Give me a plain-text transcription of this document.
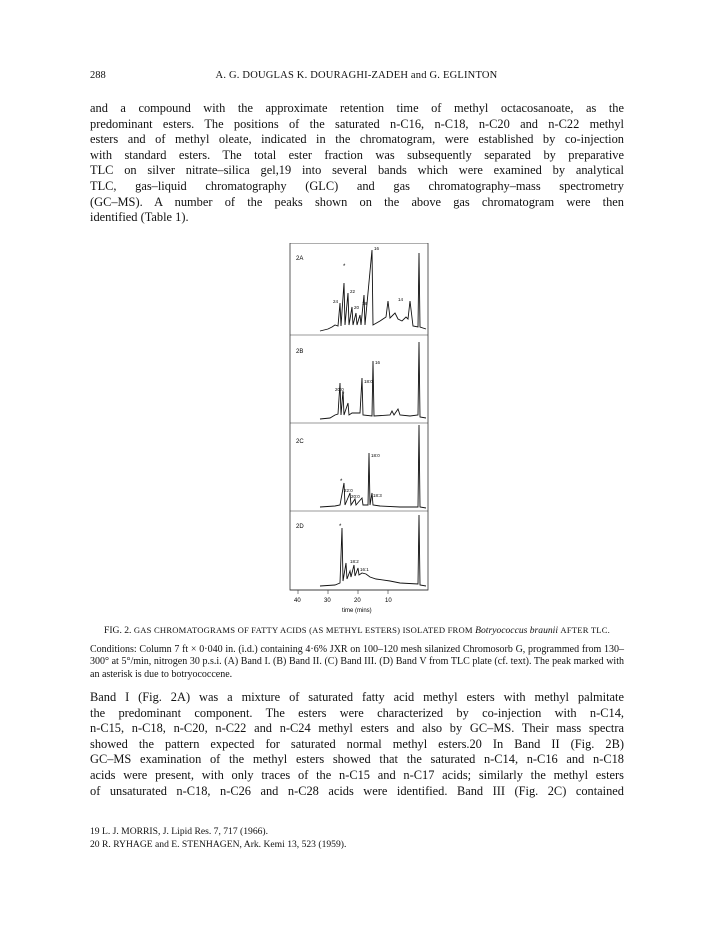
288	A. G. DOUGLAS K. DOURAGHI-ZADEH and G. EGLINTON
and a compound with the approximate retention time of methyl octacosanoate, as the
predominant esters. The positions of the saturated n-C16, n-C18, n-C20 and n-C22 methyl
esters and of methyl oleate, indicated in the chromatogram, were established by co-injection
with standard esters. The total ester fraction was subsequently separated by preparative
TLC on silver nitrate–silica gel,19 into several bands which were examined by analytical
TLC, gas–liquid chromatography (GLC) and gas chromatography–mass spectrometry
(GC–MS). A number of the peaks shown on the above gas chromatogram were then
identified (Table 1).
2A
16
*
22
14
24
20
18
2B
16
18:0
20:0
*
2C
18:0
*
22:0
20:0	18:3
2D	*
18:2
16:1
40	30	20	10
time (mins)
FIG. 2. GAS CHROMATOGRAMS OF FATTY ACIDS (AS METHYL ESTERS) ISOLATED FROM Botryococcus braunii AFTER TLC.
Conditions: Column 7 ft × 0·040 in. (i.d.) containing 4·6% JXR on 100–120 mesh silanized Chromosorb G, programmed from 130–300° at 5°/min, nitrogen 30 p.s.i. (A) Band I. (B) Band II. (C) Band III. (D) Band V from TLC plate (cf. text). The peak marked with an asterisk is due to botryococcene.
Band I (Fig. 2A) was a mixture of saturated fatty acid methyl esters with methyl palmitate
the predominant component. The esters were characterized by co-injection with n-C14,
n-C15, n-C18, n-C20, n-C22 and n-C24 methyl esters and also by GC–MS. Their mass spectra
showed the pattern expected for saturated normal methyl esters.20 In Band II (Fig. 2B)
GC–MS examination of the methyl esters showed that the saturated n-C14, n-C16 and n-C18
acids were present, with only traces of the n-C15 and n-C17 acids; similarly the methyl esters
of unsaturated n-C18, n-C26 and n-C28 acids were identified. Band III (Fig. 2C) contained
19 L. J. MORRIS, J. Lipid Res. 7, 717 (1966).
20 R. RYHAGE and E. STENHAGEN, Ark. Kemi 13, 523 (1959).
